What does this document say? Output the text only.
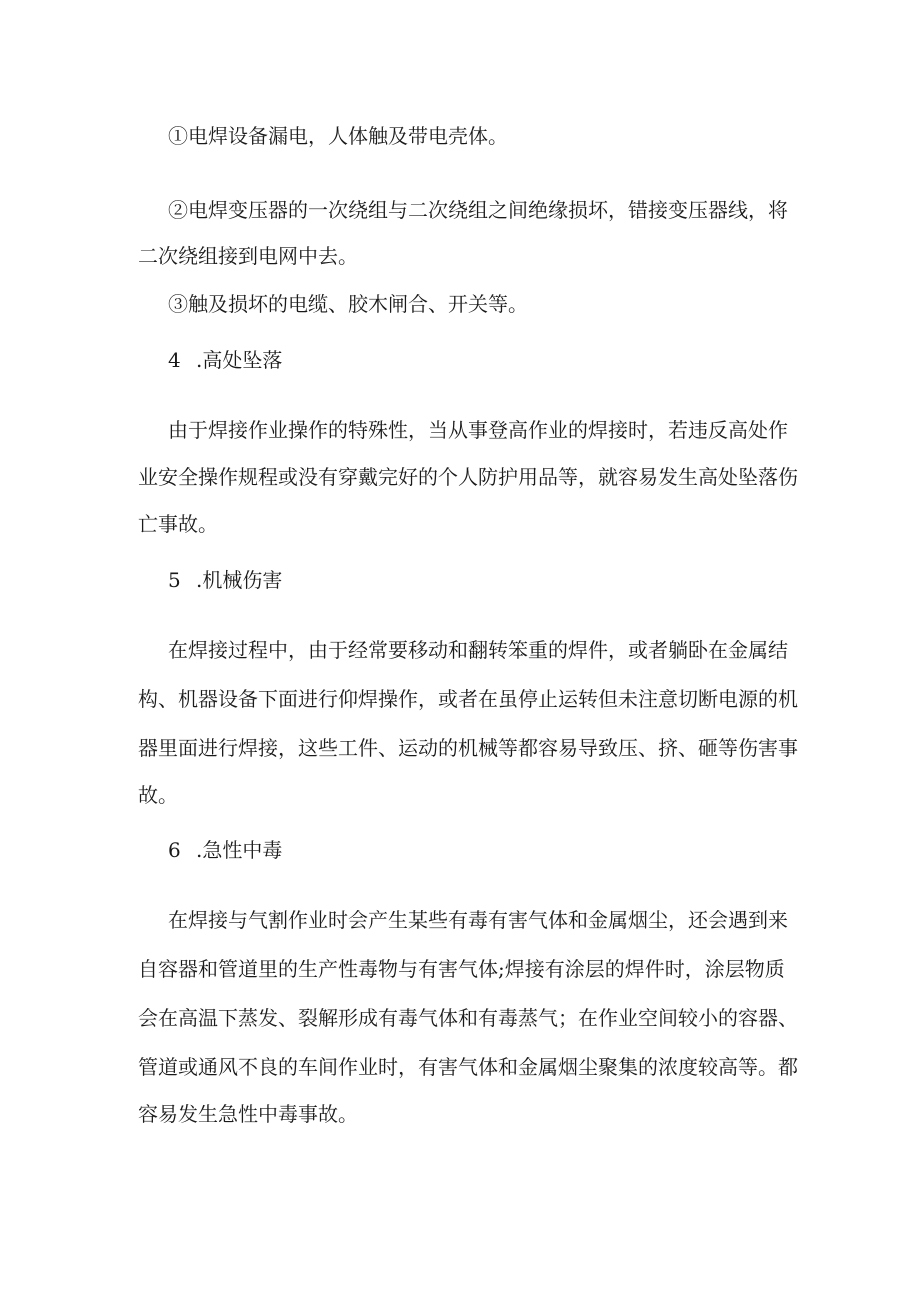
①电焊设备漏电，人体触及带电壳体。
②电焊变压器的一次绕组与二次绕组之间绝缘损坏，错接变压器线，将
二次绕组接到电网中去。
③触及损坏的电缆、胶木闸合、开关等。
4 .高处坠落
由于焊接作业操作的特殊性，当从事登高作业的焊接时，若违反高处作
业安全操作规程或没有穿戴完好的个人防护用品等，就容易发生高处坠落伤
亡事故。
5 .机械伤害
在焊接过程中，由于经常要移动和翻转笨重的焊件，或者躺卧在金属结
构、机器设备下面进行仰焊操作，或者在虽停止运转但未注意切断电源的机
器里面进行焊接，这些工件、运动的机械等都容易导致压、挤、砸等伤害事
故。
6 .急性中毒
在焊接与气割作业时会产生某些有毒有害气体和金属烟尘，还会遇到来
自容器和管道里的生产性毒物与有害气体;焊接有涂层的焊件时，涂层物质
会在高温下蒸发、裂解形成有毒气体和有毒蒸气；在作业空间较小的容器、
管道或通风不良的车间作业时，有害气体和金属烟尘聚集的浓度较高等。都
容易发生急性中毒事故。
